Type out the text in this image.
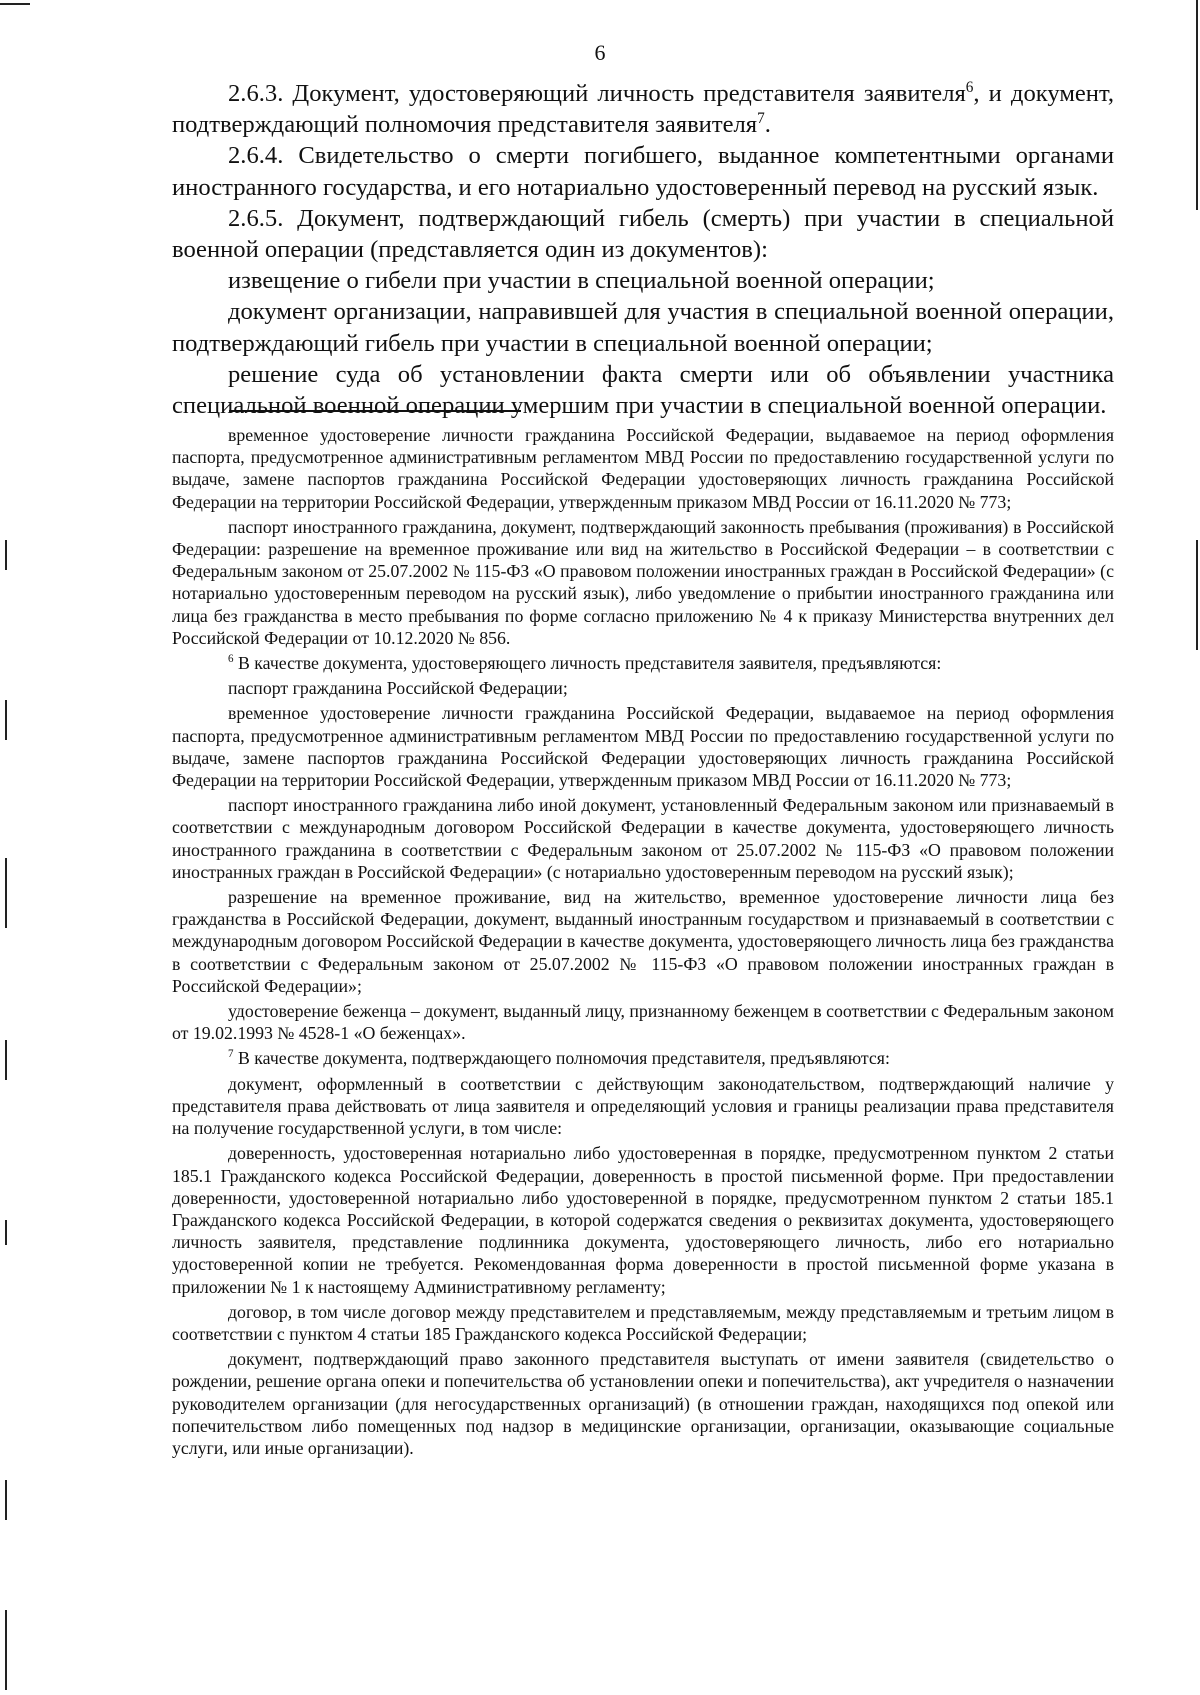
6

2.6.3. Документ, удостоверяющий личность представителя заявителя$^6$, и документ, подтверждающий полномочия представителя заявителя$^7$.

2.6.4. Свидетельство о смерти погибшего, выданное компетентными органами иностранного государства, и его нотариально удостоверенный перевод на русский язык.

2.6.5. Документ, подтверждающий гибель (смерть) при участии в специальной военной операции (представляется один из документов):

извещение о гибели при участии в специальной военной операции;

документ организации, направившей для участия в специальной военной операции, подтверждающий гибель при участии в специальной военной операции;

решение суда об установлении факта смерти или об объявлении участника специальной военной операции умершим при участии в специальной военной операции.

временное удостоверение личности гражданина Российской Федерации, выдаваемое на период оформления паспорта, предусмотренное административным регламентом МВД России по предоставлению государственной услуги по выдаче, замене паспортов гражданина Российской Федерации удостоверяющих личность гражданина Российской Федерации на территории Российской Федерации, утвержденным приказом МВД России от 16.11.2020 № 773;

паспорт иностранного гражданина, документ, подтверждающий законность пребывания (проживания) в Российской Федерации: разрешение на временное проживание или вид на жительство в Российской Федерации – в соответствии с Федеральным законом от 25.07.2002 № 115-ФЗ «О правовом положении иностранных граждан в Российской Федерации» (с нотариально удостоверенным переводом на русский язык), либо уведомление о прибытии иностранного гражданина или лица без гражданства в место пребывания по форме согласно приложению № 4 к приказу Министерства внутренних дел Российской Федерации от 10.12.2020 № 856.

$^6$ В качестве документа, удостоверяющего личность представителя заявителя, предъявляются:

паспорт гражданина Российской Федерации;

временное удостоверение личности гражданина Российской Федерации, выдаваемое на период оформления паспорта, предусмотренное административным регламентом МВД России по предоставлению государственной услуги по выдаче, замене паспортов гражданина Российской Федерации удостоверяющих личность гражданина Российской Федерации на территории Российской Федерации, утвержденным приказом МВД России от 16.11.2020 № 773;

паспорт иностранного гражданина либо иной документ, установленный Федеральным законом или признаваемый в соответствии с международным договором Российской Федерации в качестве документа, удостоверяющего личность иностранного гражданина в соответствии с Федеральным законом от 25.07.2002 № 115-ФЗ «О правовом положении иностранных граждан в Российской Федерации» (с нотариально удостоверенным переводом на русский язык);

разрешение на временное проживание, вид на жительство, временное удостоверение личности лица без гражданства в Российской Федерации, документ, выданный иностранным государством и признаваемый в соответствии с международным договором Российской Федерации в качестве документа, удостоверяющего личность лица без гражданства в соответствии с Федеральным законом от 25.07.2002 № 115-ФЗ «О правовом положении иностранных граждан в Российской Федерации»;

удостоверение беженца – документ, выданный лицу, признанному беженцем в соответствии с Федеральным законом от 19.02.1993 № 4528-1 «О беженцах».

$^7$ В качестве документа, подтверждающего полномочия представителя, предъявляются:

документ, оформленный в соответствии с действующим законодательством, подтверждающий наличие у представителя права действовать от лица заявителя и определяющий условия и границы реализации права представителя на получение государственной услуги, в том числе:

доверенность, удостоверенная нотариально либо удостоверенная в порядке, предусмотренном пунктом 2 статьи 185.1 Гражданского кодекса Российской Федерации, доверенность в простой письменной форме. При предоставлении доверенности, удостоверенной нотариально либо удостоверенной в порядке, предусмотренном пунктом 2 статьи 185.1 Гражданского кодекса Российской Федерации, в которой содержатся сведения о реквизитах документа, удостоверяющего личность заявителя, представление подлинника документа, удостоверяющего личность, либо его нотариально удостоверенной копии не требуется. Рекомендованная форма доверенности в простой письменной форме указана в приложении № 1 к настоящему Административному регламенту;

договор, в том числе договор между представителем и представляемым, между представляемым и третьим лицом в соответствии с пунктом 4 статьи 185 Гражданского кодекса Российской Федерации;

документ, подтверждающий право законного представителя выступать от имени заявителя (свидетельство о рождении, решение органа опеки и попечительства об установлении опеки и попечительства), акт учредителя о назначении руководителем организации (для негосударственных организаций) (в отношении граждан, находящихся под опекой или попечительством либо помещенных под надзор в медицинские организации, организации, оказывающие социальные услуги, или иные организации).
